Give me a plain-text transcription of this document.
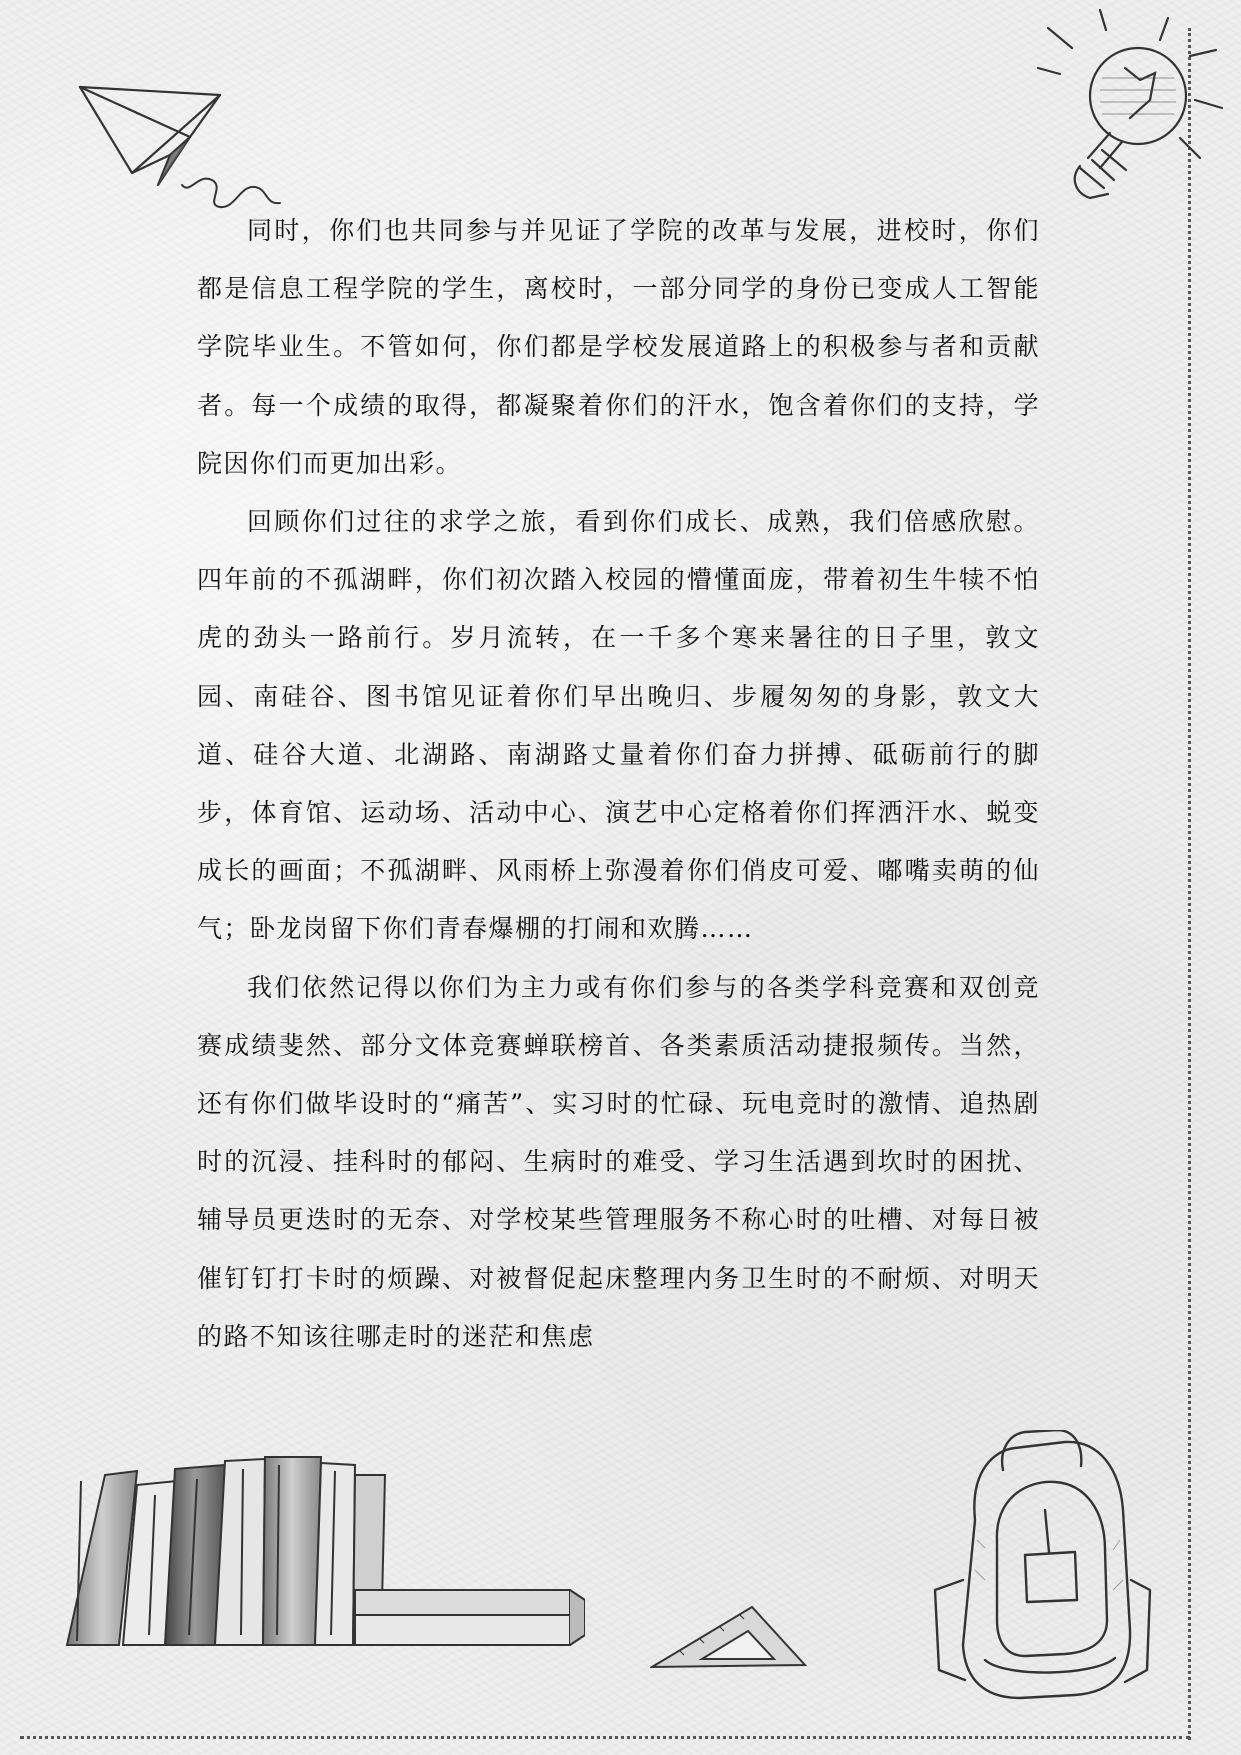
同时，你们也共同参与并见证了学院的改革与发展，进校时，你们都是信息工程学院的学生，离校时，一部分同学的身份已变成人工智能学院毕业生。不管如何，你们都是学校发展道路上的积极参与者和贡献者。每一个成绩的取得，都凝聚着你们的汗水，饱含着你们的支持，学院因你们而更加出彩。

回顾你们过往的求学之旅，看到你们成长、成熟，我们倍感欣慰。四年前的不孤湖畔，你们初次踏入校园的懵懂面庞，带着初生牛犊不怕虎的劲头一路前行。岁月流转，在一千多个寒来暑往的日子里，敦文园、南硅谷、图书馆见证着你们早出晚归、步履匆匆的身影，敦文大道、硅谷大道、北湖路、南湖路丈量着你们奋力拼搏、砥砺前行的脚步，体育馆、运动场、活动中心、演艺中心定格着你们挥洒汗水、蜕变成长的画面；不孤湖畔、风雨桥上弥漫着你们俏皮可爱、嘟嘴卖萌的仙气；卧龙岗留下你们青春爆棚的打闹和欢腾……

我们依然记得以你们为主力或有你们参与的各类学科竞赛和双创竞赛成绩斐然、部分文体竞赛蝉联榜首、各类素质活动捷报频传。当然，还有你们做毕设时的“痛苦”、实习时的忙碌、玩电竞时的激情、追热剧时的沉浸、挂科时的郁闷、生病时的难受、学习生活遇到坎时的困扰、辅导员更迭时的无奈、对学校某些管理服务不称心时的吐槽、对每日被催钉钉打卡时的烦躁、对被督促起床整理内务卫生时的不耐烦、对明天的路不知该往哪走时的迷茫和焦虑
